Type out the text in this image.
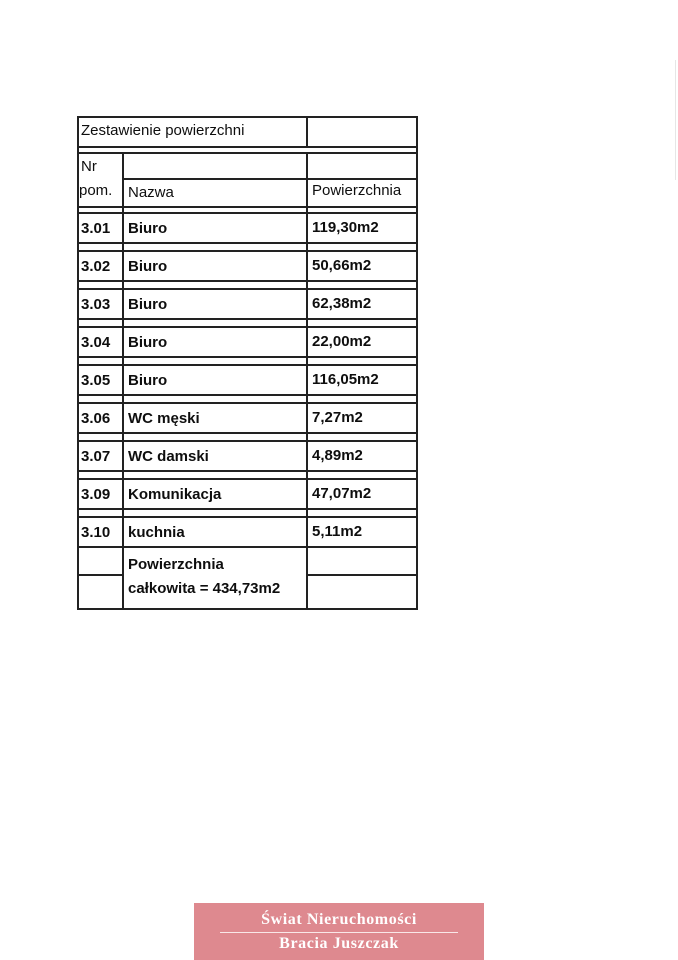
Zestawienie powierzchni
Nr
pom. Nazwa	Powierzchnia
3.01 Biuro	119,30m2
3.02 Biuro	50,66m2
3.03 Biuro	62,38m2
3.04 Biuro	22,00m2
3.05 Biuro	116,05m2
3.06 WC męski	7,27m2
3.07 WC damski	4,89m2
3.09 Komunikacja	47,07m2
3.10 kuchnia	5,11m2
Powierzchnia
całkowita = 434,73m2
Świat Nieruchomości
Bracia Juszczak
